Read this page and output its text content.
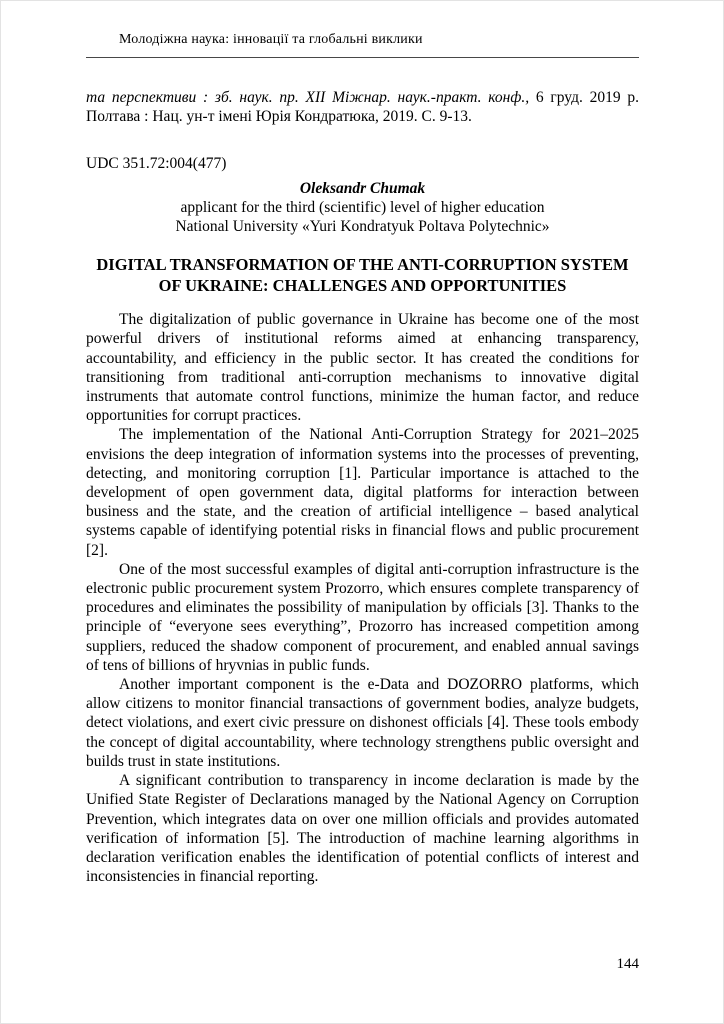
Молодіжна наука: інновації та глобальні виклики

та перспективи : зб. наук. пр. XII Міжнар. наук.-практ. конф., 6 груд. 2019 р. Полтава : Нац. ун-т імені Юрія Кондратюка, 2019. С. 9-13.

UDC 351.72:004(477)

Oleksandr Chumak

applicant for the third (scientific) level of higher education

National University «Yuri Kondratyuk Poltava Polytechnic»

DIGITAL TRANSFORMATION OF THE ANTI-CORRUPTION SYSTEM OF UKRAINE: CHALLENGES AND OPPORTUNITIES

The digitalization of public governance in Ukraine has become one of the most powerful drivers of institutional reforms aimed at enhancing transparency, accountability, and efficiency in the public sector. It has created the conditions for transitioning from traditional anti-corruption mechanisms to innovative digital instruments that automate control functions, minimize the human factor, and reduce opportunities for corrupt practices.

The implementation of the National Anti-Corruption Strategy for 2021–2025 envisions the deep integration of information systems into the processes of preventing, detecting, and monitoring corruption [1]. Particular importance is attached to the development of open government data, digital platforms for interaction between business and the state, and the creation of artificial intelligence – based analytical systems capable of identifying potential risks in financial flows and public procurement [2].

One of the most successful examples of digital anti-corruption infrastructure is the electronic public procurement system Prozorro, which ensures complete transparency of procedures and eliminates the possibility of manipulation by officials [3]. Thanks to the principle of “everyone sees everything”, Prozorro has increased competition among suppliers, reduced the shadow component of procurement, and enabled annual savings of tens of billions of hryvnias in public funds.

Another important component is the e-Data and DOZORRO platforms, which allow citizens to monitor financial transactions of government bodies, analyze budgets, detect violations, and exert civic pressure on dishonest officials [4]. These tools embody the concept of digital accountability, where technology strengthens public oversight and builds trust in state institutions.

A significant contribution to transparency in income declaration is made by the Unified State Register of Declarations managed by the National Agency on Corruption Prevention, which integrates data on over one million officials and provides automated verification of information [5]. The introduction of machine learning algorithms in declaration verification enables the identification of potential conflicts of interest and inconsistencies in financial reporting.

144
